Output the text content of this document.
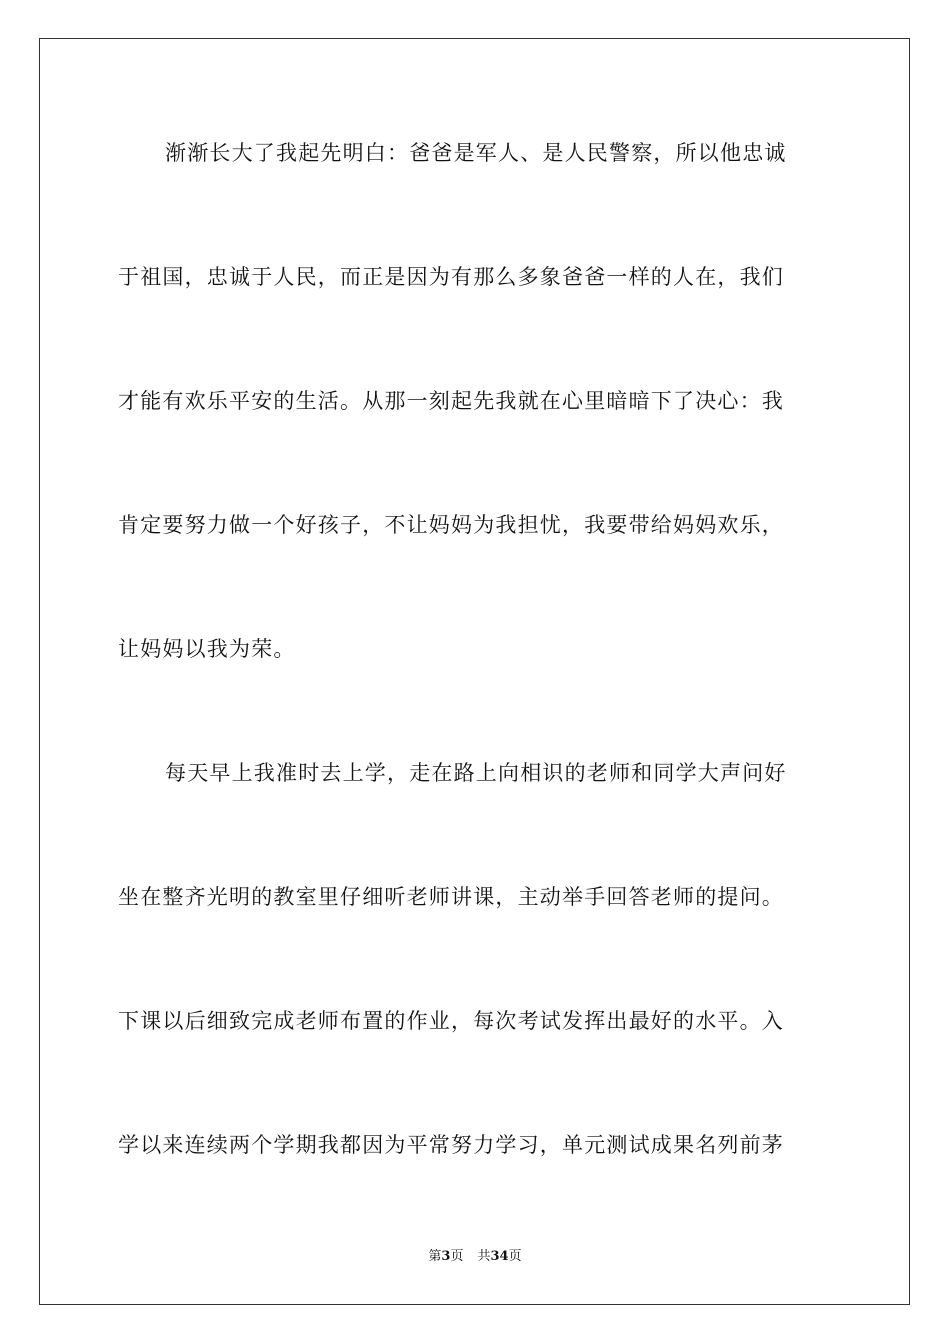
渐渐长大了我起先明白：爸爸是军人、是人民警察，所以他忠诚
于祖国，忠诚于人民，而正是因为有那么多象爸爸一样的人在，我们
才能有欢乐平安的生活。从那一刻起先我就在心里暗暗下了决心：我
肯定要努力做一个好孩子，不让妈妈为我担忧，我要带给妈妈欢乐，
让妈妈以我为荣。
每天早上我准时去上学，走在路上向相识的老师和同学大声问好
坐在整齐光明的教室里仔细听老师讲课，主动举手回答老师的提问。
下课以后细致完成老师布置的作业，每次考试发挥出最好的水平。入
学以来连续两个学期我都因为平常努力学习，单元测试成果名列前茅
第3页 共34页
